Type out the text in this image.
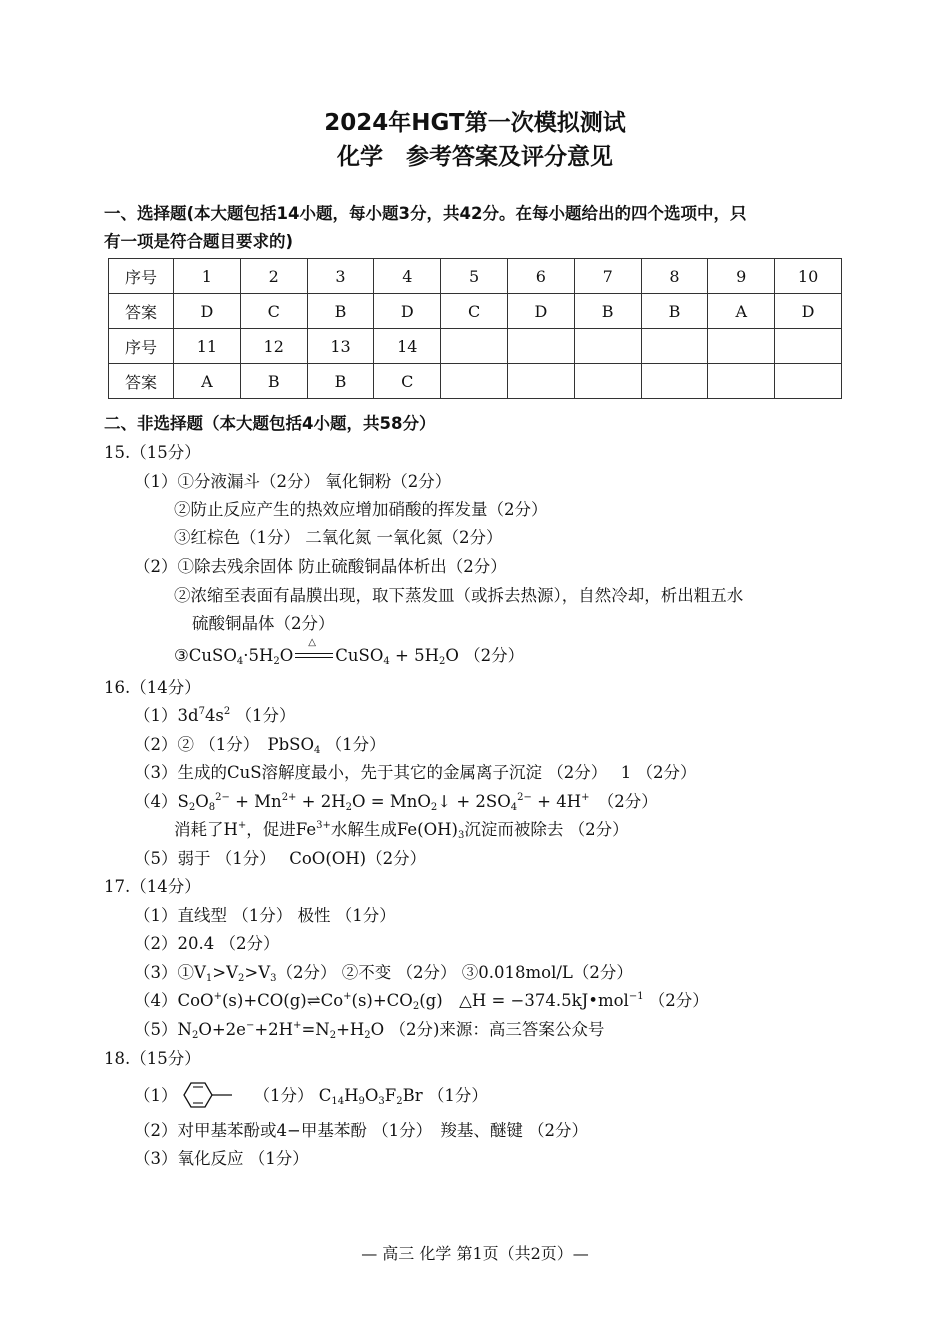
2024年HGT第一次模拟测试
化学　参考答案及评分意见
一、选择题(本大题包括14小题，每小题3分，共42分。在每小题给出的四个选项中，只
有一项是符合题目要求的)
序号	1	2	3	4	5	6	7	8	9	10
答案	D	C	B	D	C	D	B	B	A	D
序号	11	12	13	14						
答案	A	B	B	C						
二、非选择题（本大题包括4小题，共58分）
15.（15分）
（1）①分液漏斗（2分） 氧化铜粉（2分）
②防止反应产生的热效应增加硝酸的挥发量（2分）
③红棕色（1分） 二氧化氮 一氧化氮（2分）
（2）①除去残余固体 防止硫酸铜晶体析出（2分）
②浓缩至表面有晶膜出现，取下蒸发皿（或拆去热源），自然冷却，析出粗五水
硫酸铜晶体（2分）
$③CuSO_4\cdot 5H_2O$
△
CuSO$_4$ + $5H_2O$ （2分）
16.（14分）
$(1)3d^74s^2$ （1分）
（2）② （1分）　PbSO$_4$ （1分）
（3）生成的CuS溶解度最小，先于其它的金属离子沉淀 （2分）　 1 （2分）
$(4)S_2O_8^{2-} + Mn^{2+} + 2H_2O$ = MnO$_2$↓ + $2SO_4^{2-} + 4H^+$　（2分）
消耗了H+，促进$Fe^{3+}$水解生成$Fe(OH)_3$沉淀而被除去 （2分）
（5）弱于 （1分）　 CoO(OH)（2分）
17.（14分）
（1）直线型 （1分） 极性 （1分）
（2）20.4 （2分）
$(3)①V_1>V_2>V_3(2$分） ②不变 （2分） ③0.018mol/L（2分）
$(4)CoO^+(s)+CO(g)\rightleftharpoons Co^+(s)+CO_2(g)$　△H = −374.5kJ•mol$^{-1}$ （2分）
$(5)N_2O+2e^-+2H^+=N_2+H_2O$ （2分)来源：高三答案公众号
18.（15分）
（1）	（1分） $C_{14}H_9O_3F_2Br$ （1分）
（2）对甲基苯酚或4−甲基苯酚 （1分）　羧基、醚键 （2分）
（3）氧化反应 （1分）
— 高三 化学 第1页（共2页）—
